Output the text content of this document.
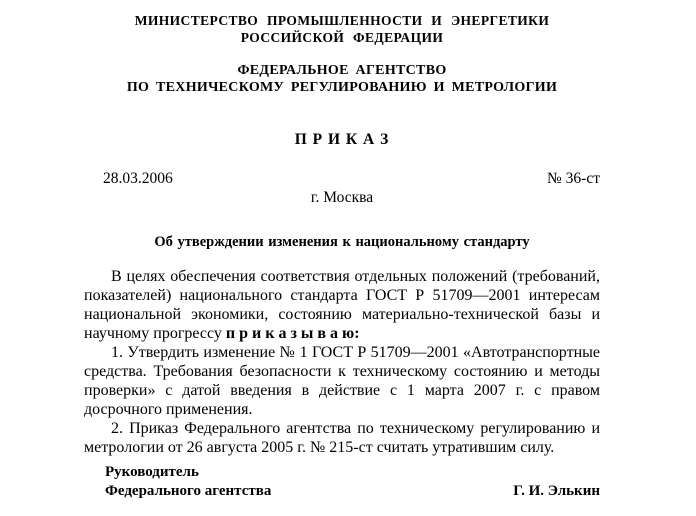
МИНИСТЕРСТВО ПРОМЫШЛЕННОСТИ И ЭНЕРГЕТИКИ
РОССИЙСКОЙ ФЕДЕРАЦИИ
ФЕДЕРАЛЬНОЕ АГЕНТСТВО
ПО ТЕХНИЧЕСКОМУ РЕГУЛИРОВАНИЮ И МЕТРОЛОГИИ
П Р И К А З
28.03.2006	№ 36-ст
г. Москва
Об утверждении изменения к национальному стандарту

В целях обеспечения соответствия отдельных положений (требований, показателей) национального стандарта ГОСТ Р 51709—2001 интересам национальной экономики, состоянию материально-технической базы и научному прогрессу п р и к а з ы в а ю:

1. Утвердить изменение № 1 ГОСТ Р 51709—2001 «Автотранспортные средства. Требования безопасности к техническому состоянию и методы проверки» с датой введения в действие с 1 марта 2007 г. с правом досрочного применения.

2. Приказ Федерального агентства по техническому регулированию и метрологии от 26 августа 2005 г. № 215-ст считать утратившим силу.

Руководитель
Федерального агентства	Г. И. Элькин
